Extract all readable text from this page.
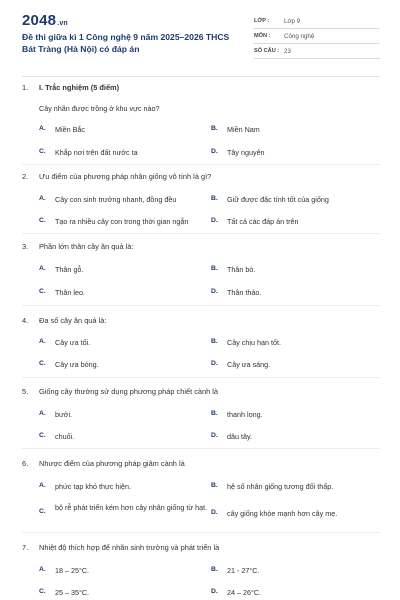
2048.vn
Đề thi giữa kì 1 Công nghệ 9 năm 2025–2026 THCS Bát Tràng (Hà Nội) có đáp án
LỚP :	Lớp 9
MÔN :	Công nghệ
SỐ CÂU : 23
1.	I. Trắc nghiệm (5 điểm)
Cây nhãn được trồng ở khu vực nào?
A. Miền Bắc	B. Miền Nam
C. Khắp nơi trên đất nước ta	D. Tây nguyên
2.	Ưu điểm của phương pháp nhân giống vô tính là gì?
A. Cây con sinh trưởng nhanh, đồng đều	B. Giữ được đặc tính tốt của giống
C. Tạo ra nhiều cây con trong thời gian ngắn	D. Tất cả các đáp án trên
3.	Phần lớn thân cây ăn quả là:
A. Thân gỗ.	B. Thân bò.
C. Thân leo.	D. Thân thảo.
4.	Đa số cây ăn quả là:
A. Cây ưa tối.	B. Cây chịu hạn tốt.
C. Cây ưa bóng.	D. Cây ưa sáng.
5.	Giống cây thường sử dụng phương pháp chiết cành là
A. bưởi.	B. thanh long.
C. chuối.	D. dâu tây.
6.	Nhược điểm của phương pháp giâm cành là
A. phức tạp khó thực hiện.	B. hệ số nhân giống tương đối thấp.
C. bộ rễ phát triển kém hơn cây nhân giống từ hạt.
D. cây giống khỏe mạnh hơn cây mẹ.
7.	Nhiệt độ thích hợp để nhãn sinh trưởng và phát triển là
A. 18 – 25°C.	B. 21 - 27°C.
C. 25 – 35°C.	D. 24 – 26°C.
